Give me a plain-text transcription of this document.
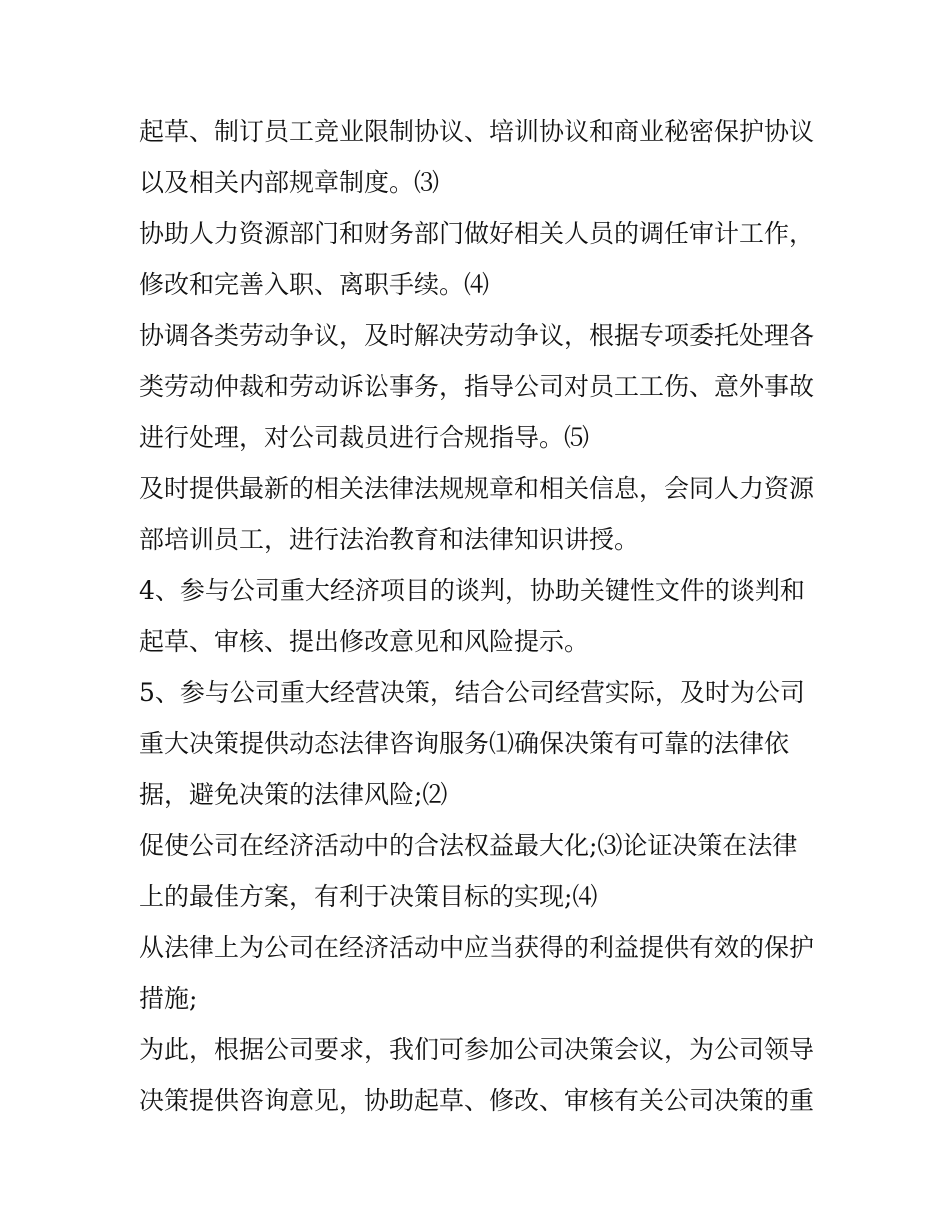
起草、制订员工竞业限制协议、培训协议和商业秘密保护协议
以及相关内部规章制度。⑶
协助人力资源部门和财务部门做好相关人员的调任审计工作，
修改和完善入职、离职手续。⑷
协调各类劳动争议，及时解决劳动争议，根据专项委托处理各
类劳动仲裁和劳动诉讼事务，指导公司对员工工伤、意外事故
进行处理，对公司裁员进行合规指导。⑸
及时提供最新的相关法律法规规章和相关信息，会同人力资源
部培训员工，进行法治教育和法律知识讲授。
4、参与公司重大经济项目的谈判，协助关键性文件的谈判和
起草、审核、提出修改意见和风险提示。
5、参与公司重大经营决策，结合公司经营实际，及时为公司
重大决策提供动态法律咨询服务⑴确保决策有可靠的法律依
据，避免决策的法律风险;⑵
促使公司在经济活动中的合法权益最大化;⑶论证决策在法律
上的最佳方案，有利于决策目标的实现;⑷
从法律上为公司在经济活动中应当获得的利益提供有效的保护
措施;
为此，根据公司要求，我们可参加公司决策会议，为公司领导
决策提供咨询意见，协助起草、修改、审核有关公司决策的重
